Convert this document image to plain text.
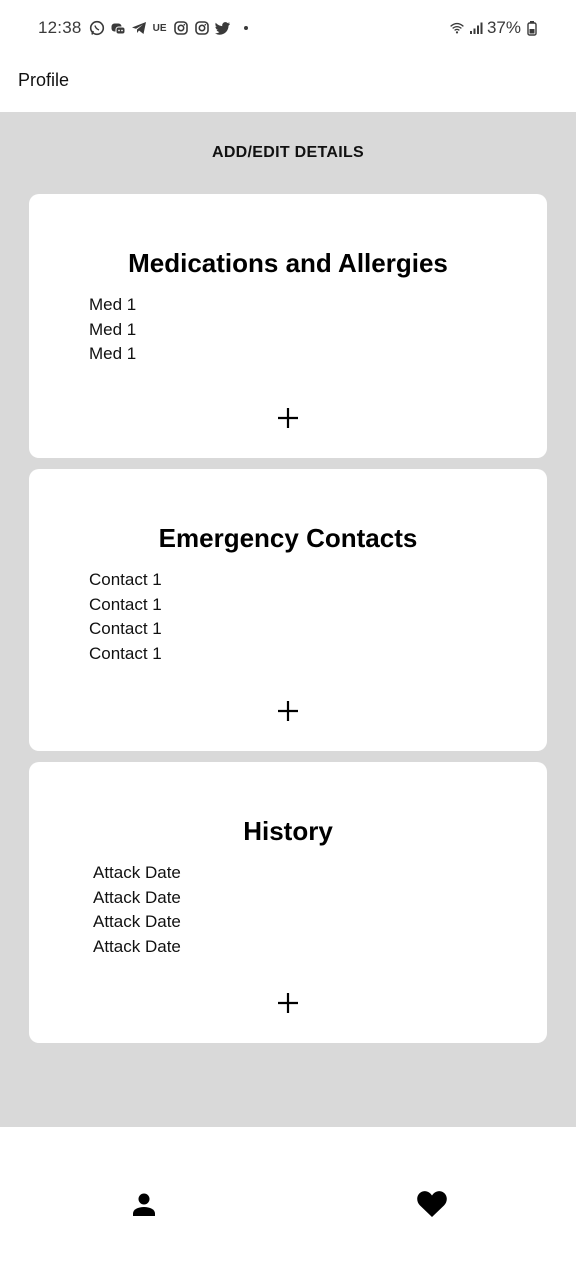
12:38	UE	37%
Profile
ADD/EDIT DETAILS
Medications and Allergies
Med 1
Med 1
Med 1
Emergency Contacts
Contact 1
Contact 1
Contact 1
Contact 1
History
Attack Date
Attack Date
Attack Date
Attack Date
